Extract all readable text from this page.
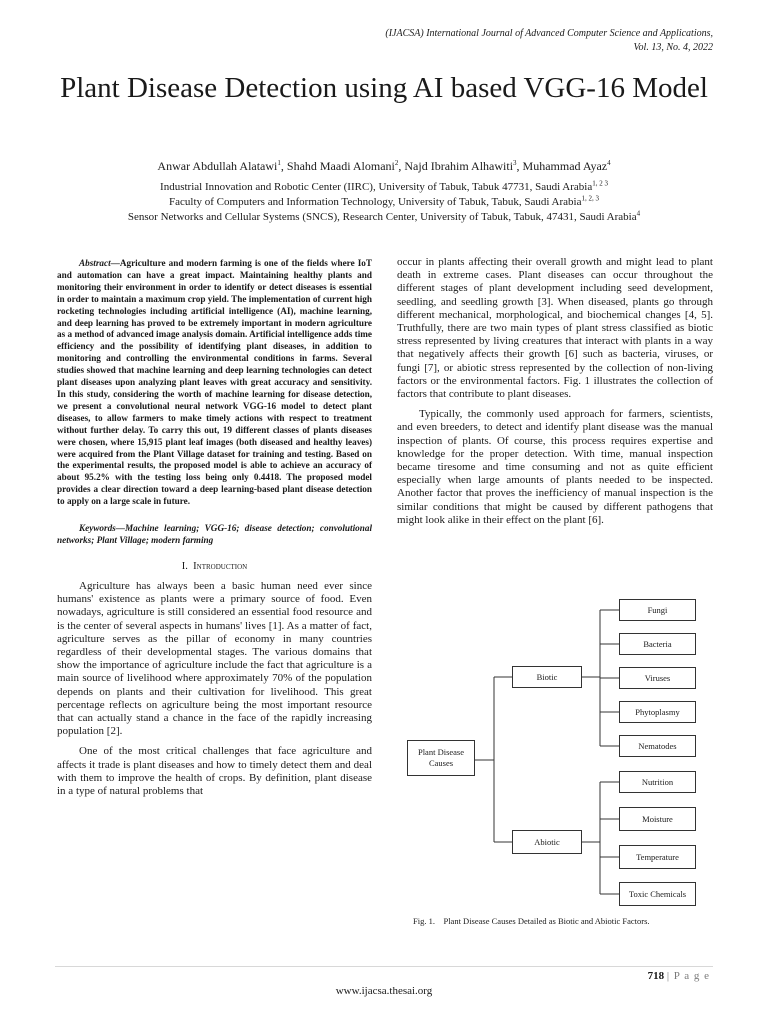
(IJACSA) International Journal of Advanced Computer Science and Applications,
Vol. 13, No. 4, 2022
Plant Disease Detection using AI based VGG-16 Model
Anwar Abdullah Alatawi$^1$, Shahd Maadi Alomani$^2$, Najd Ibrahim Alhawiti$^3$, Muhammad Ayaz$^4$
Industrial Innovation and Robotic Center (IIRC), University of Tabuk, Tabuk 47731, Saudi Arabia$^{1, 2 3}$
Faculty of Computers and Information Technology, University of Tabuk, Tabuk, Saudi Arabia$^{1, 2, 3}$
Sensor Networks and Cellular Systems (SNCS), Research Center, University of Tabuk, Tabuk, 47431, Saudi Arabia$^4$

Abstract—Agriculture and modern farming is one of the fields where IoT and automation can have a great impact. Maintaining healthy plants and monitoring their environment in order to identify or detect diseases is essential in order to maintain a maximum crop yield. The implementation of current high rocketing technologies including artificial intelligence (AI), machine learning, and deep learning has proved to be extremely important in modern agriculture as a method of advanced image analysis domain. Artificial intelligence adds time efficiency and the possibility of identifying plant diseases, in addition to monitoring and controlling the environmental conditions in farms. Several studies showed that machine learning and deep learning technologies can detect plant diseases upon analyzing plant leaves with great accuracy and sensitivity. In this study, considering the worth of machine learning for disease detection, we present a convolutional neural network VGG-16 model to detect plant diseases, to allow farmers to make timely actions with respect to treatment without further delay. To carry this out, 19 different classes of plants diseases were chosen, where 15,915 plant leaf images (both diseased and healthy leaves) were acquired from the Plant Village dataset for training and testing. Based on the experimental results, the proposed model is able to achieve an accuracy of about 95.2% with the testing loss being only 0.4418. The proposed model provides a clear direction toward a deep learning-based plant disease detection to apply on a large scale in future.

Keywords—Machine learning; VGG-16; disease detection; convolutional networks; Plant Village; modern farming

I. Introduction

Agriculture has always been a basic human need ever since humans' existence as plants were a primary source of food. Even nowadays, agriculture is still considered an essential food resource and is the center of several aspects in humans' lives [1]. As a matter of fact, agriculture serves as the pillar of economy in many countries regardless of their developmental stages. The various domains that show the importance of agriculture include the fact that agriculture is a main source of livelihood where approximately 70% of the population depends on plants and their cultivation for livelihood. This great percentage reflects on agriculture being the most important resource that can actually stand a chance in the face of the rapidly increasing population [2].

One of the most critical challenges that face agriculture and affects it trade is plant diseases and how to timely detect them and deal with them to improve the health of crops. By definition, plant disease in a type of natural problems that

occur in plants affecting their overall growth and might lead to plant death in extreme cases. Plant diseases can occur throughout the different stages of plant development including seed development, seedling, and seedling growth [3]. When diseased, plants go through different mechanical, morphological, and biochemical changes [4, 5]. Truthfully, there are two main types of plant stress classified as biotic stress represented by living creatures that interact with plants in a way that negatively affects their growth [6] such as bacteria, viruses, or fungi [7], or abiotic stress represented by the collection of non-living factors or the environmental factors. Fig. 1 illustrates the collection of factors that contribute to plant diseases.

Typically, the commonly used approach for farmers, scientists, and even breeders, to detect and identify plant disease was the manual inspection of plants. Of course, this process requires expertise and knowledge for the proper detection. With time, manual inspection became tiresome and time consuming and not as quite efficient especially when large amounts of plants needed to be inspected. Another factor that proves the inefficiency of manual inspection is the similar conditions that might be caused by different pathogens that might look alike in their effect on the plant [6].

Plant Disease Causes
Biotic
Abiotic
Fungi
Bacteria
Viruses
Phytoplasmy
Nematodes
Nutrition
Moisture
Temperature
Toxic Chemicals
Fig. 1.    Plant Disease Causes Detailed as Biotic and Abiotic Factors.
718 | P a g e
www.ijacsa.thesai.org
